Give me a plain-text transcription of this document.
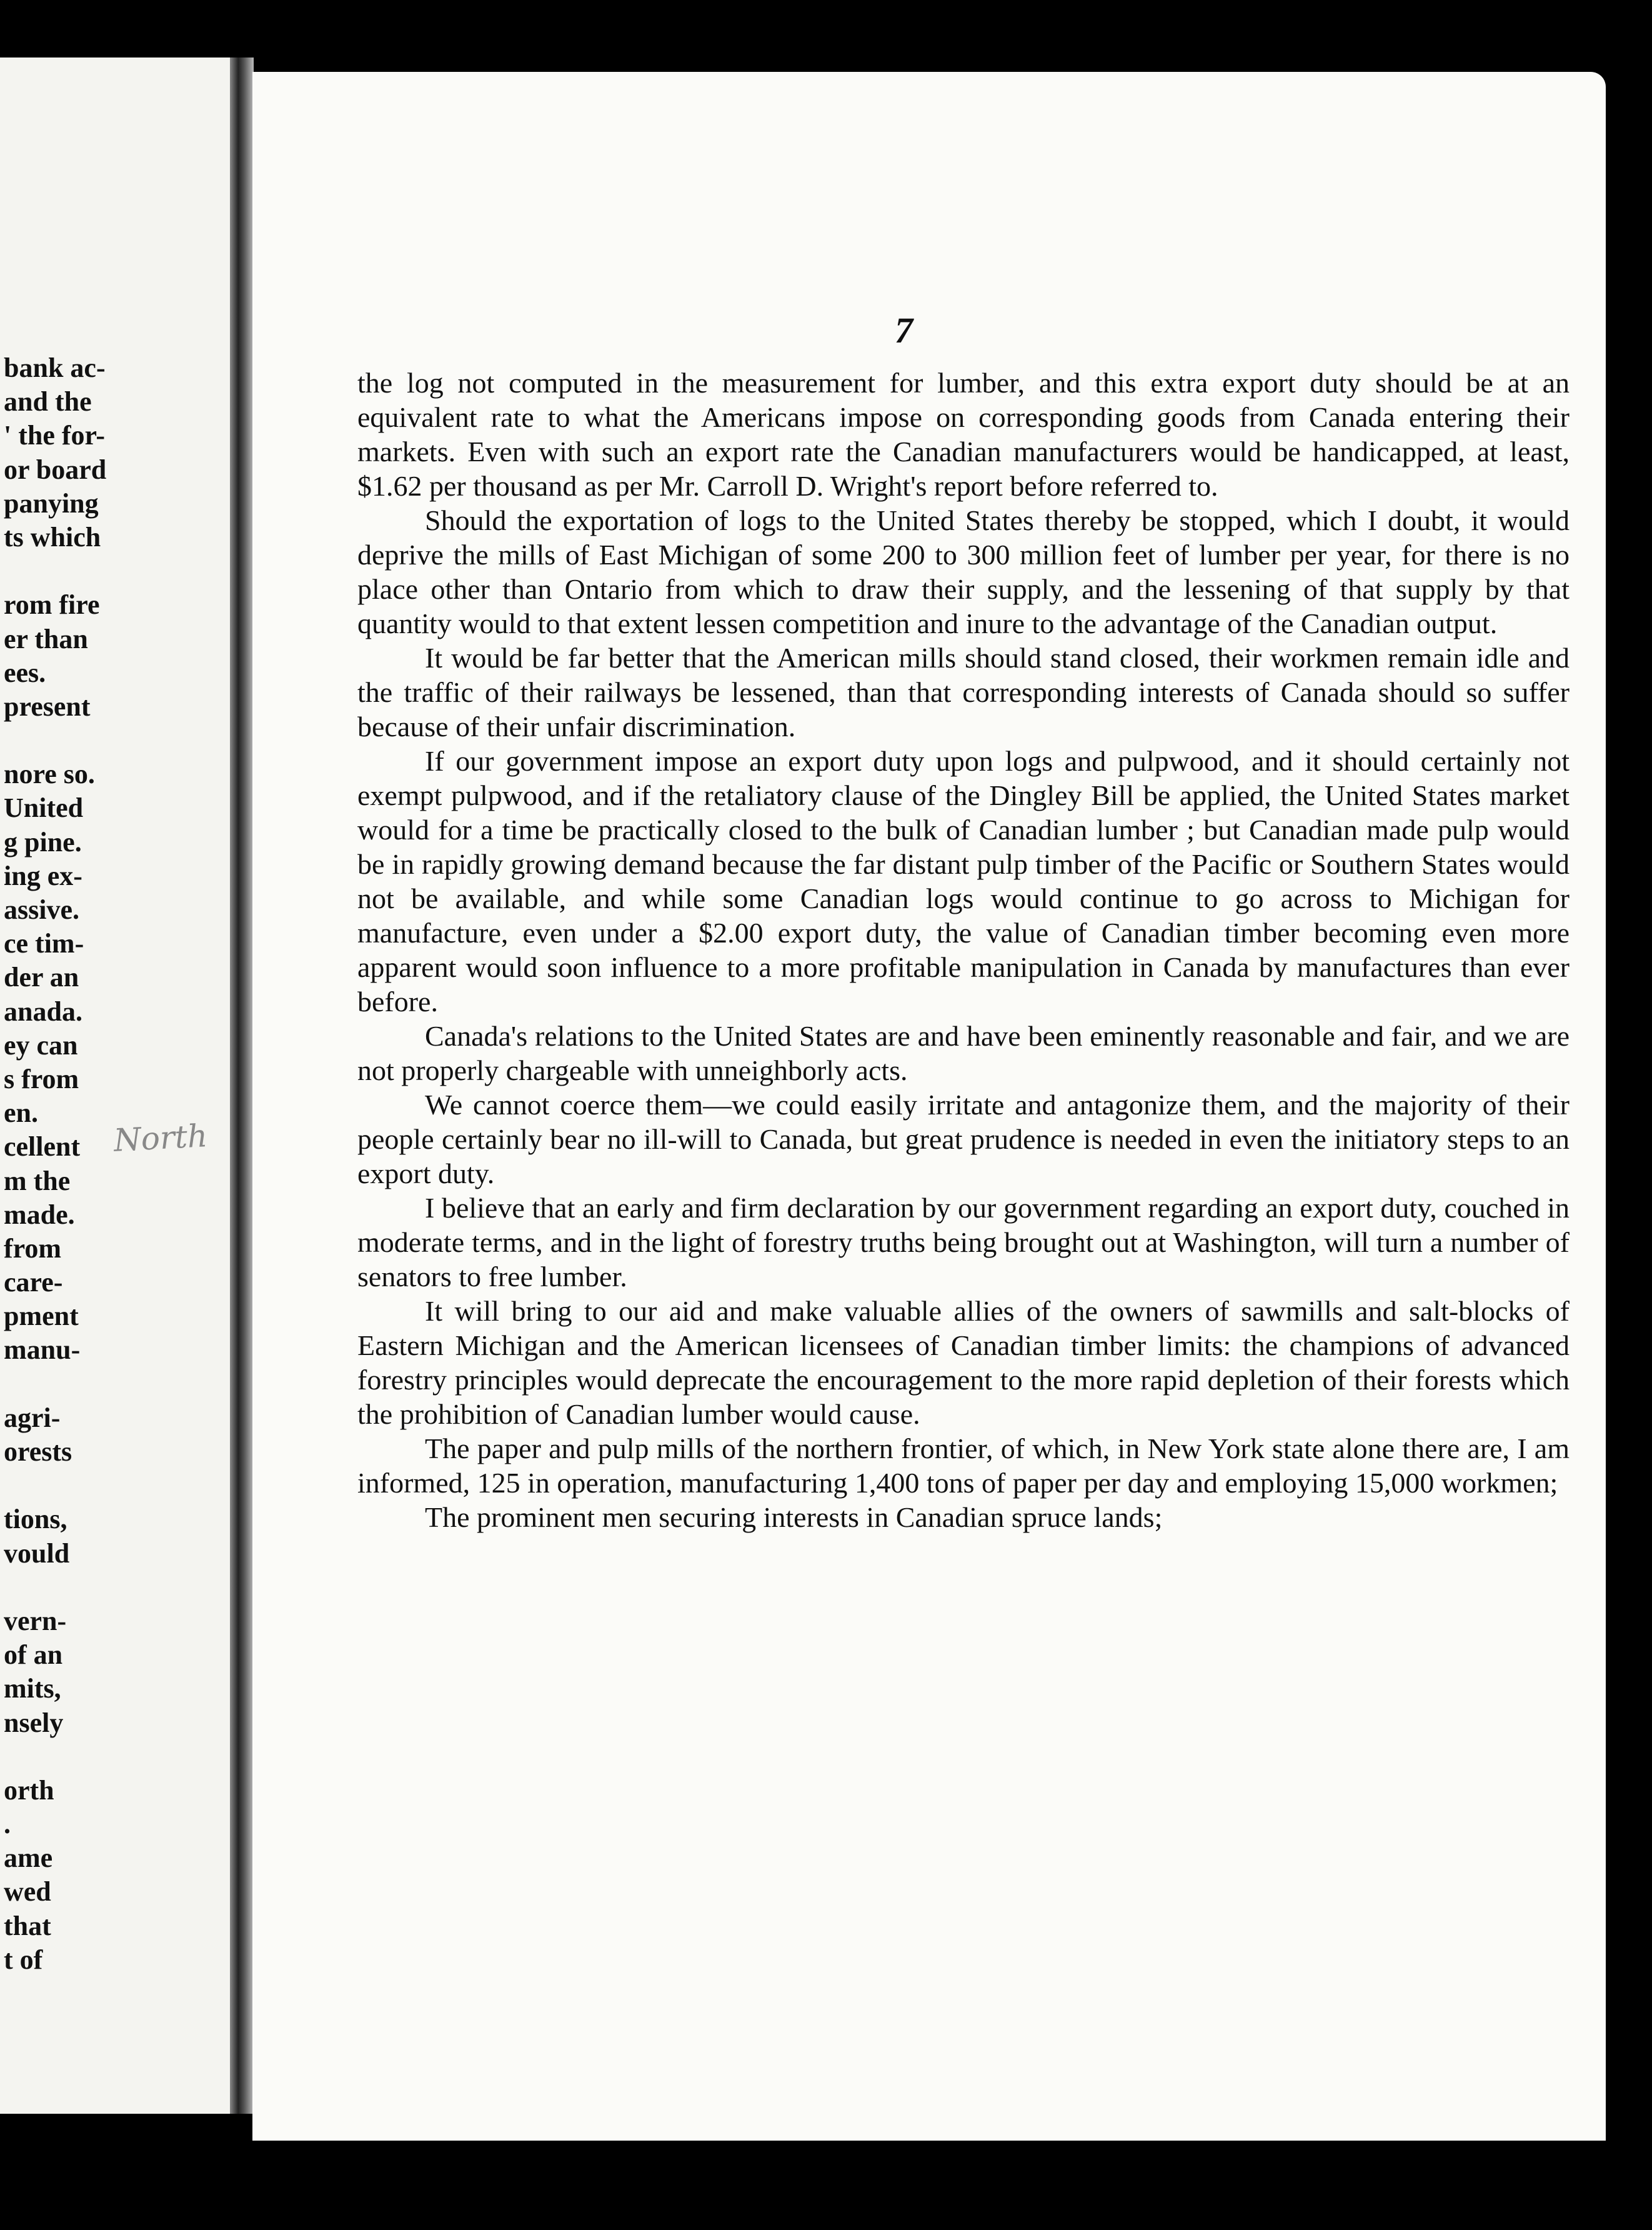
bank ac-
and the
' the for-
or board
panying
ts which
rom fire
er than
ees.
present
nore so.
United
g pine.
ing ex-
assive.
ce tim-
der an
anada.
ey can
s from
en.
cellent
m the
made.
from
care-
pment
manu-
agri-
orests
tions,
vould
vern-
of an
mits,
nsely
orth
.
ame
wed
that
t of
North
7

the log not computed in the measurement for lumber, and this extra export duty should be at an equivalent rate to what the Americans impose on corresponding goods from Canada entering their markets. Even with such an export rate the Canadian manufacturers would be handicapped, at least, $1.62 per thousand as per Mr. Carroll D. Wright's report before referred to.

Should the exportation of logs to the United States thereby be stopped, which I doubt, it would deprive the mills of East Michigan of some 200 to 300 million feet of lumber per year, for there is no place other than Ontario from which to draw their supply, and the lessening of that supply by that quantity would to that extent lessen competition and inure to the advantage of the Canadian output.

It would be far better that the American mills should stand closed, their workmen remain idle and the traffic of their railways be lessened, than that corresponding interests of Canada should so suffer because of their unfair discrimination.

If our government impose an export duty upon logs and pulpwood, and it should certainly not exempt pulpwood, and if the retaliatory clause of the Dingley Bill be applied, the United States market would for a time be practically closed to the bulk of Canadian lumber ; but Canadian made pulp would be in rapidly growing demand because the far distant pulp timber of the Pacific or Southern States would not be available, and while some Canadian logs would continue to go across to Michigan for manufacture, even under a $2.00 export duty, the value of Canadian timber becoming even more apparent would soon influence to a more profitable manipulation in Canada by manufactures than ever before.

Canada's relations to the United States are and have been eminently reasonable and fair, and we are not properly chargeable with unneighborly acts.

We cannot coerce them—we could easily irritate and antagonize them, and the majority of their people certainly bear no ill-will to Canada, but great prudence is needed in even the initiatory steps to an export duty.

I believe that an early and firm declaration by our government regarding an export duty, couched in moderate terms, and in the light of forestry truths being brought out at Washington, will turn a number of senators to free lumber.

It will bring to our aid and make valuable allies of the owners of sawmills and salt-blocks of Eastern Michigan and the American licensees of Canadian timber limits: the champions of advanced forestry principles would deprecate the encouragement to the more rapid depletion of their forests which the prohibition of Canadian lumber would cause.

The paper and pulp mills of the northern frontier, of which, in New York state alone there are, I am informed, 125 in operation, manufacturing 1,400 tons of paper per day and employing 15,000 workmen;

The prominent men securing interests in Canadian spruce lands;
